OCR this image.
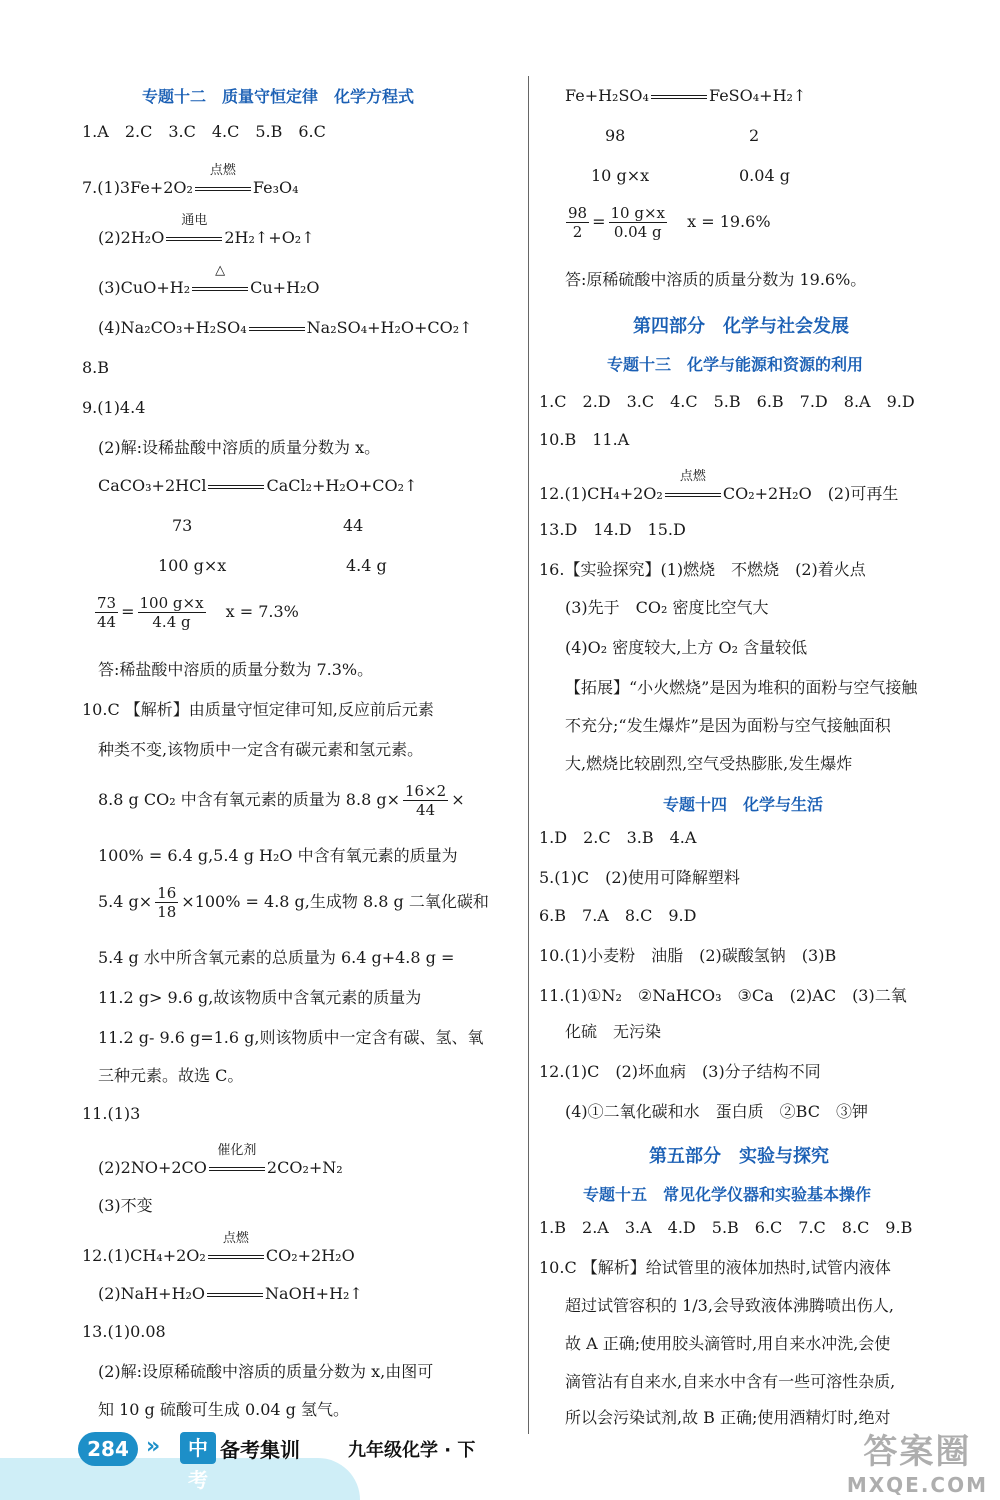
专题十二　质量守恒定律　化学方程式
1.A　2.C　3.C　4.C　5.B　6.C
7.(1)3Fe+2O₂
点燃
Fe₃O₄
(2)2H₂O
通电
2H₂↑+O₂↑
(3)CuO+H₂
△
Cu+H₂O
(4)Na₂CO₃+H₂SO₄	Na₂SO₄+H₂O+CO₂↑
8.B
9.(1)4.4
(2)解:设稀盐酸中溶质的质量分数为 x。
CaCO₃+2HCl	CaCl₂+H₂O+CO₂↑
73	44
100 g×x	4.4 g
$\frac{73}{44} = \frac{100 g\times x}{4.4 g}$ x = 7.3%
答:稀盐酸中溶质的质量分数为 7.3%。
10.C 【解析】由质量守恒定律可知,反应前后元素
种类不变,该物质中一定含有碳元素和氢元素。
8.8 g CO₂ 中含有氧元素的质量为 8.8 $g\times \frac{16\times 2}{44}$ ×
100% = 6.4 g,5.4 g H₂O 中含有氧元素的质量为
5.4 $g\times \frac{16}{18} \times 100\% = 4.8$ g,生成物 8.8 g 二氧化碳和
5.4 g 水中所含氧元素的总质量为 6.4 g+4.8 g =
11.2 g> 9.6 g,故该物质中含氧元素的质量为
11.2 g- 9.6 g=1.6 g,则该物质中一定含有碳、氢、氧
三种元素。故选 C。
11.(1)3
(2)2NO+2CO
催化剂
2CO₂+N₂
(3)不变
12.(1)CH₄+2O₂
点燃
CO₂+2H₂O
(2)NaH+H₂O	NaOH+H₂↑
13.(1)0.08
(2)解:设原稀硫酸中溶质的质量分数为 x,由图可
知 10 g 硫酸可生成 0.04 g 氢气。
Fe+H₂SO₄	FeSO₄+H₂↑
98	2
10 g×x	0.04 g
$\frac{98}{2} = \frac{10 g\times x}{0.04 g}$ x = 19.6%
答:原稀硫酸中溶质的质量分数为 19.6%。
第四部分　化学与社会发展
专题十三　化学与能源和资源的利用
1.C　2.D　3.C　4.C　5.B　6.B　7.D　8.A　9.D
10.B　11.A
12.(1)CH₄+2O₂
点燃
CO₂+2H₂O　(2)可再生
13.D　14.D　15.D
16.【实验探究】(1)燃烧　不燃烧　(2)着火点
(3)先于　CO₂ 密度比空气大
(4)O₂ 密度较大,上方 O₂ 含量较低
【拓展】“小火燃烧”是因为堆积的面粉与空气接触
不充分;“发生爆炸”是因为面粉与空气接触面积
大,燃烧比较剧烈,空气受热膨胀,发生爆炸
专题十四　化学与生活
1.D　2.C　3.B　4.A
5.(1)C　(2)使用可降解塑料
6.B　7.A　8.C　9.D
10.(1)小麦粉　油脂　(2)碳酸氢钠　(3)B
11.(1)①N₂　②NaHCO₃　③Ca　(2)AC　(3)二氧
化硫　无污染
12.(1)C　(2)坏血病　(3)分子结构不同
(4)①二氧化碳和水　蛋白质　②BC　③钾
第五部分　实验与探究
专题十五　常见化学仪器和实验基本操作
1.B　2.A　3.A　4.D　5.B　6.C　7.C　8.C　9.B
10.C 【解析】给试管里的液体加热时,试管内液体
超过试管容积的 1/3,会导致液体沸腾喷出伤人,
故 A 正确;使用胶头滴管时,用自来水冲洗,会使
滴管沾有自来水,自来水中含有一些可溶性杂质,
所以会污染试剂,故 B 正确;使用酒精灯时,绝对
284 »	中考
备考集训	九年级化学 · 下	答案圈
MXQE.COM
